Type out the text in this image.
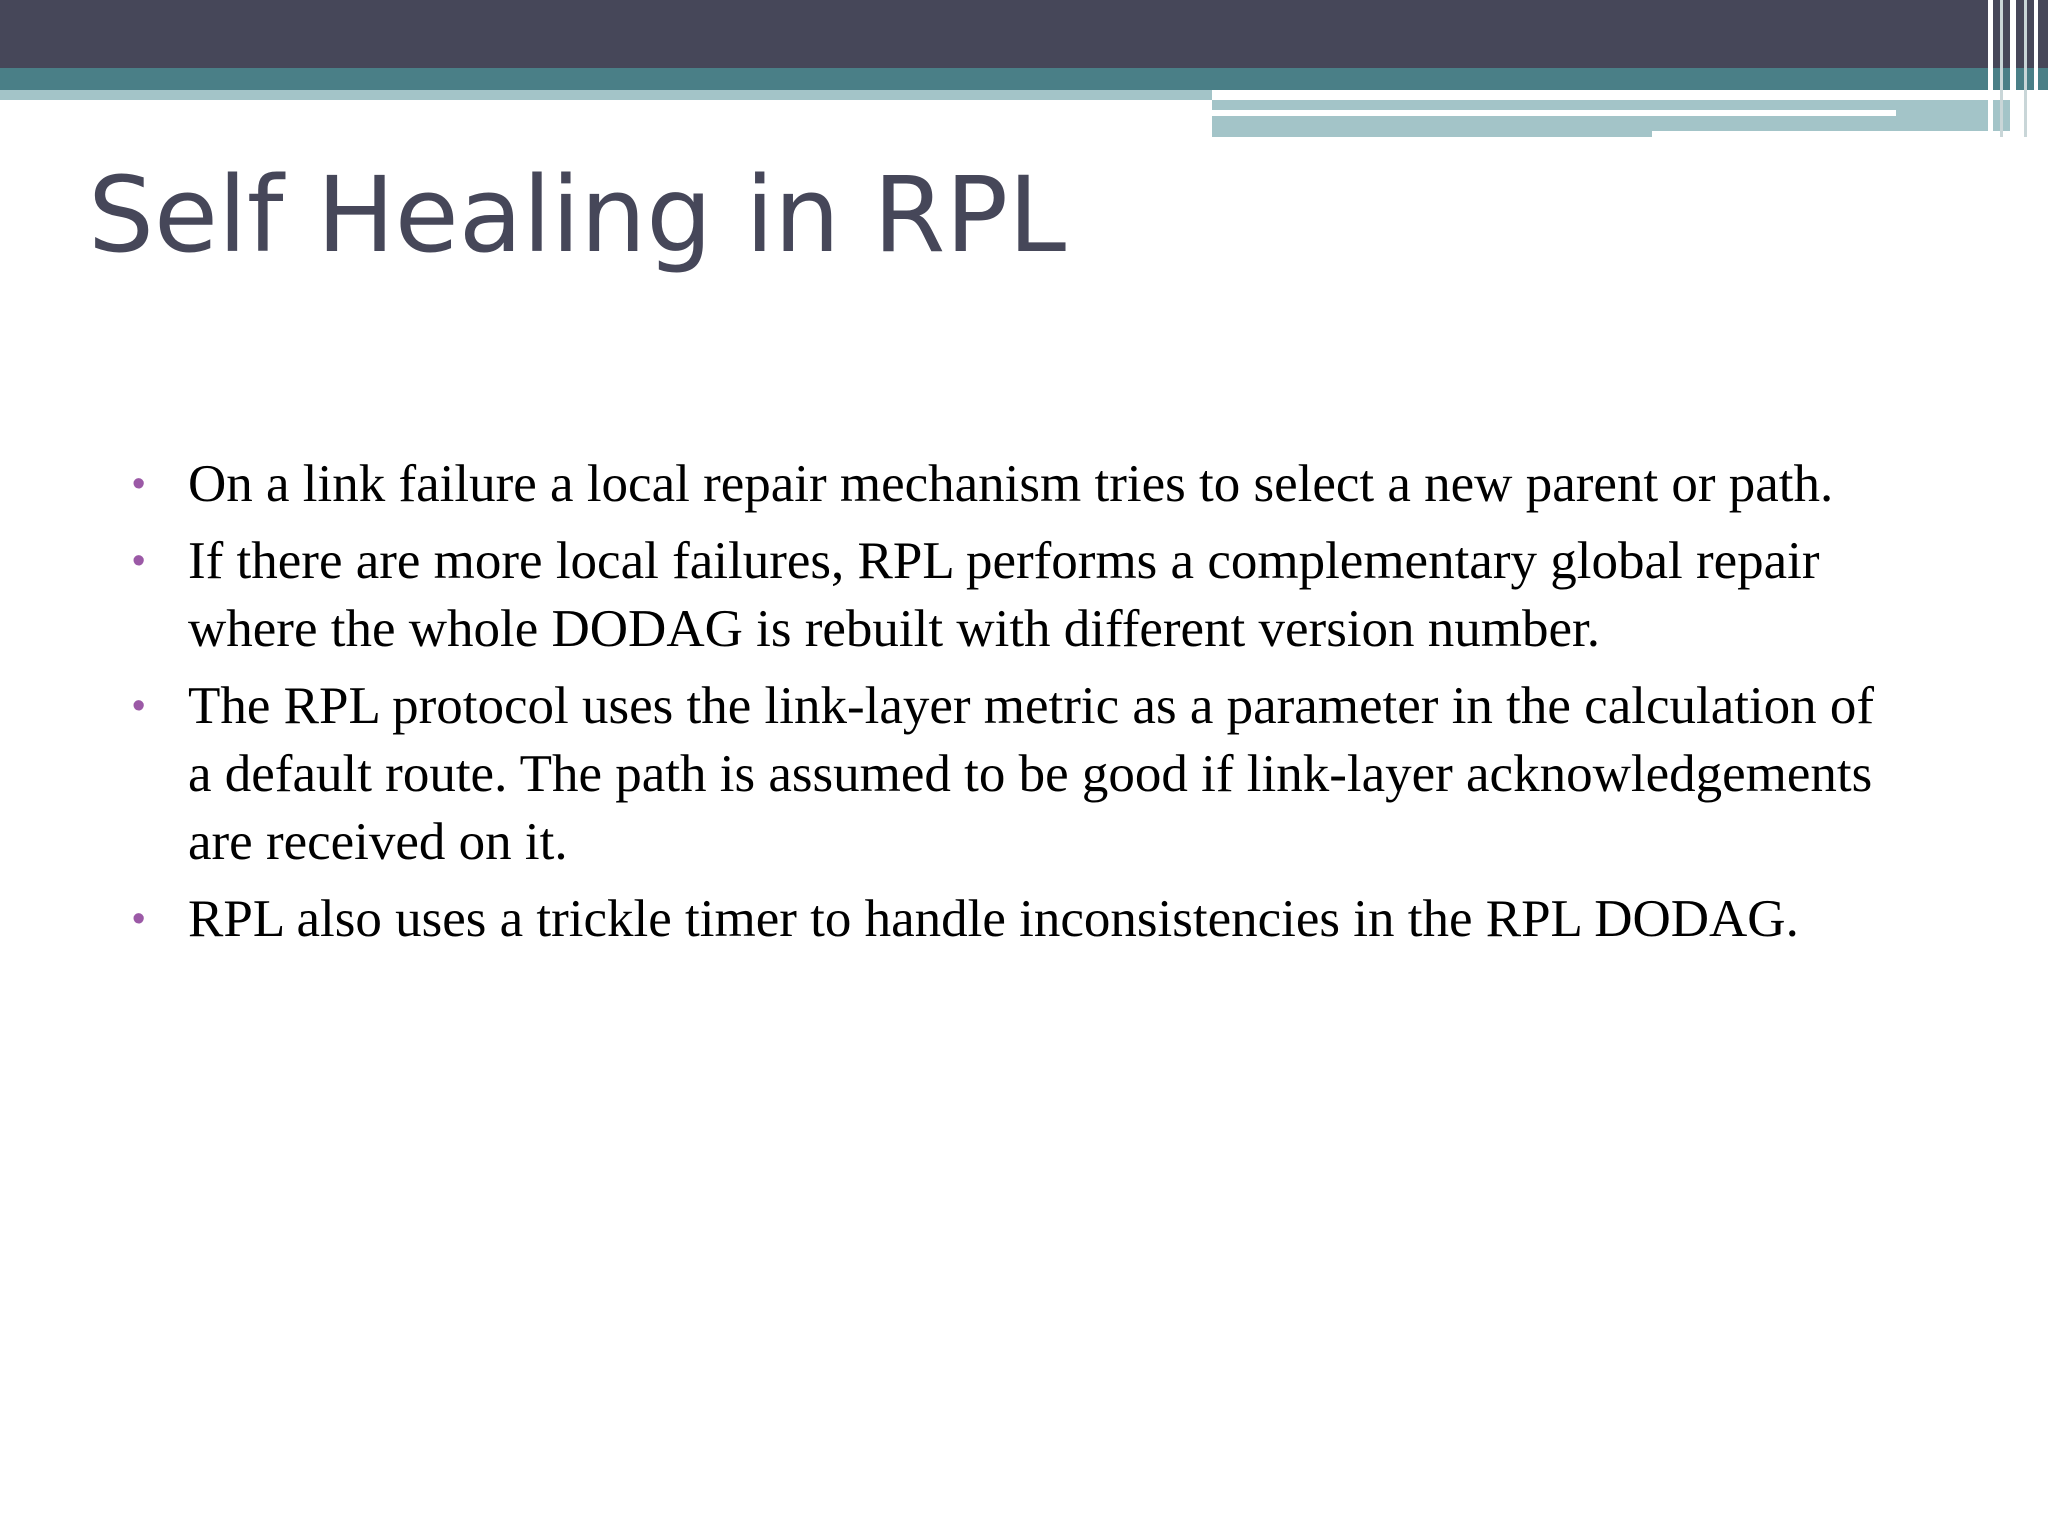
Self Healing in RPL
• On a link failure a local repair mechanism tries to select a new parent or path.
• If there are more local failures, RPL performs a complementary global repair where the whole DODAG is rebuilt with different version number.
• The RPL protocol uses the link-layer metric as a parameter in the calculation of a default route. The path is assumed to be good if link-layer acknowledgements are received on it.
• RPL also uses a trickle timer to handle inconsistencies in the RPL DODAG.
